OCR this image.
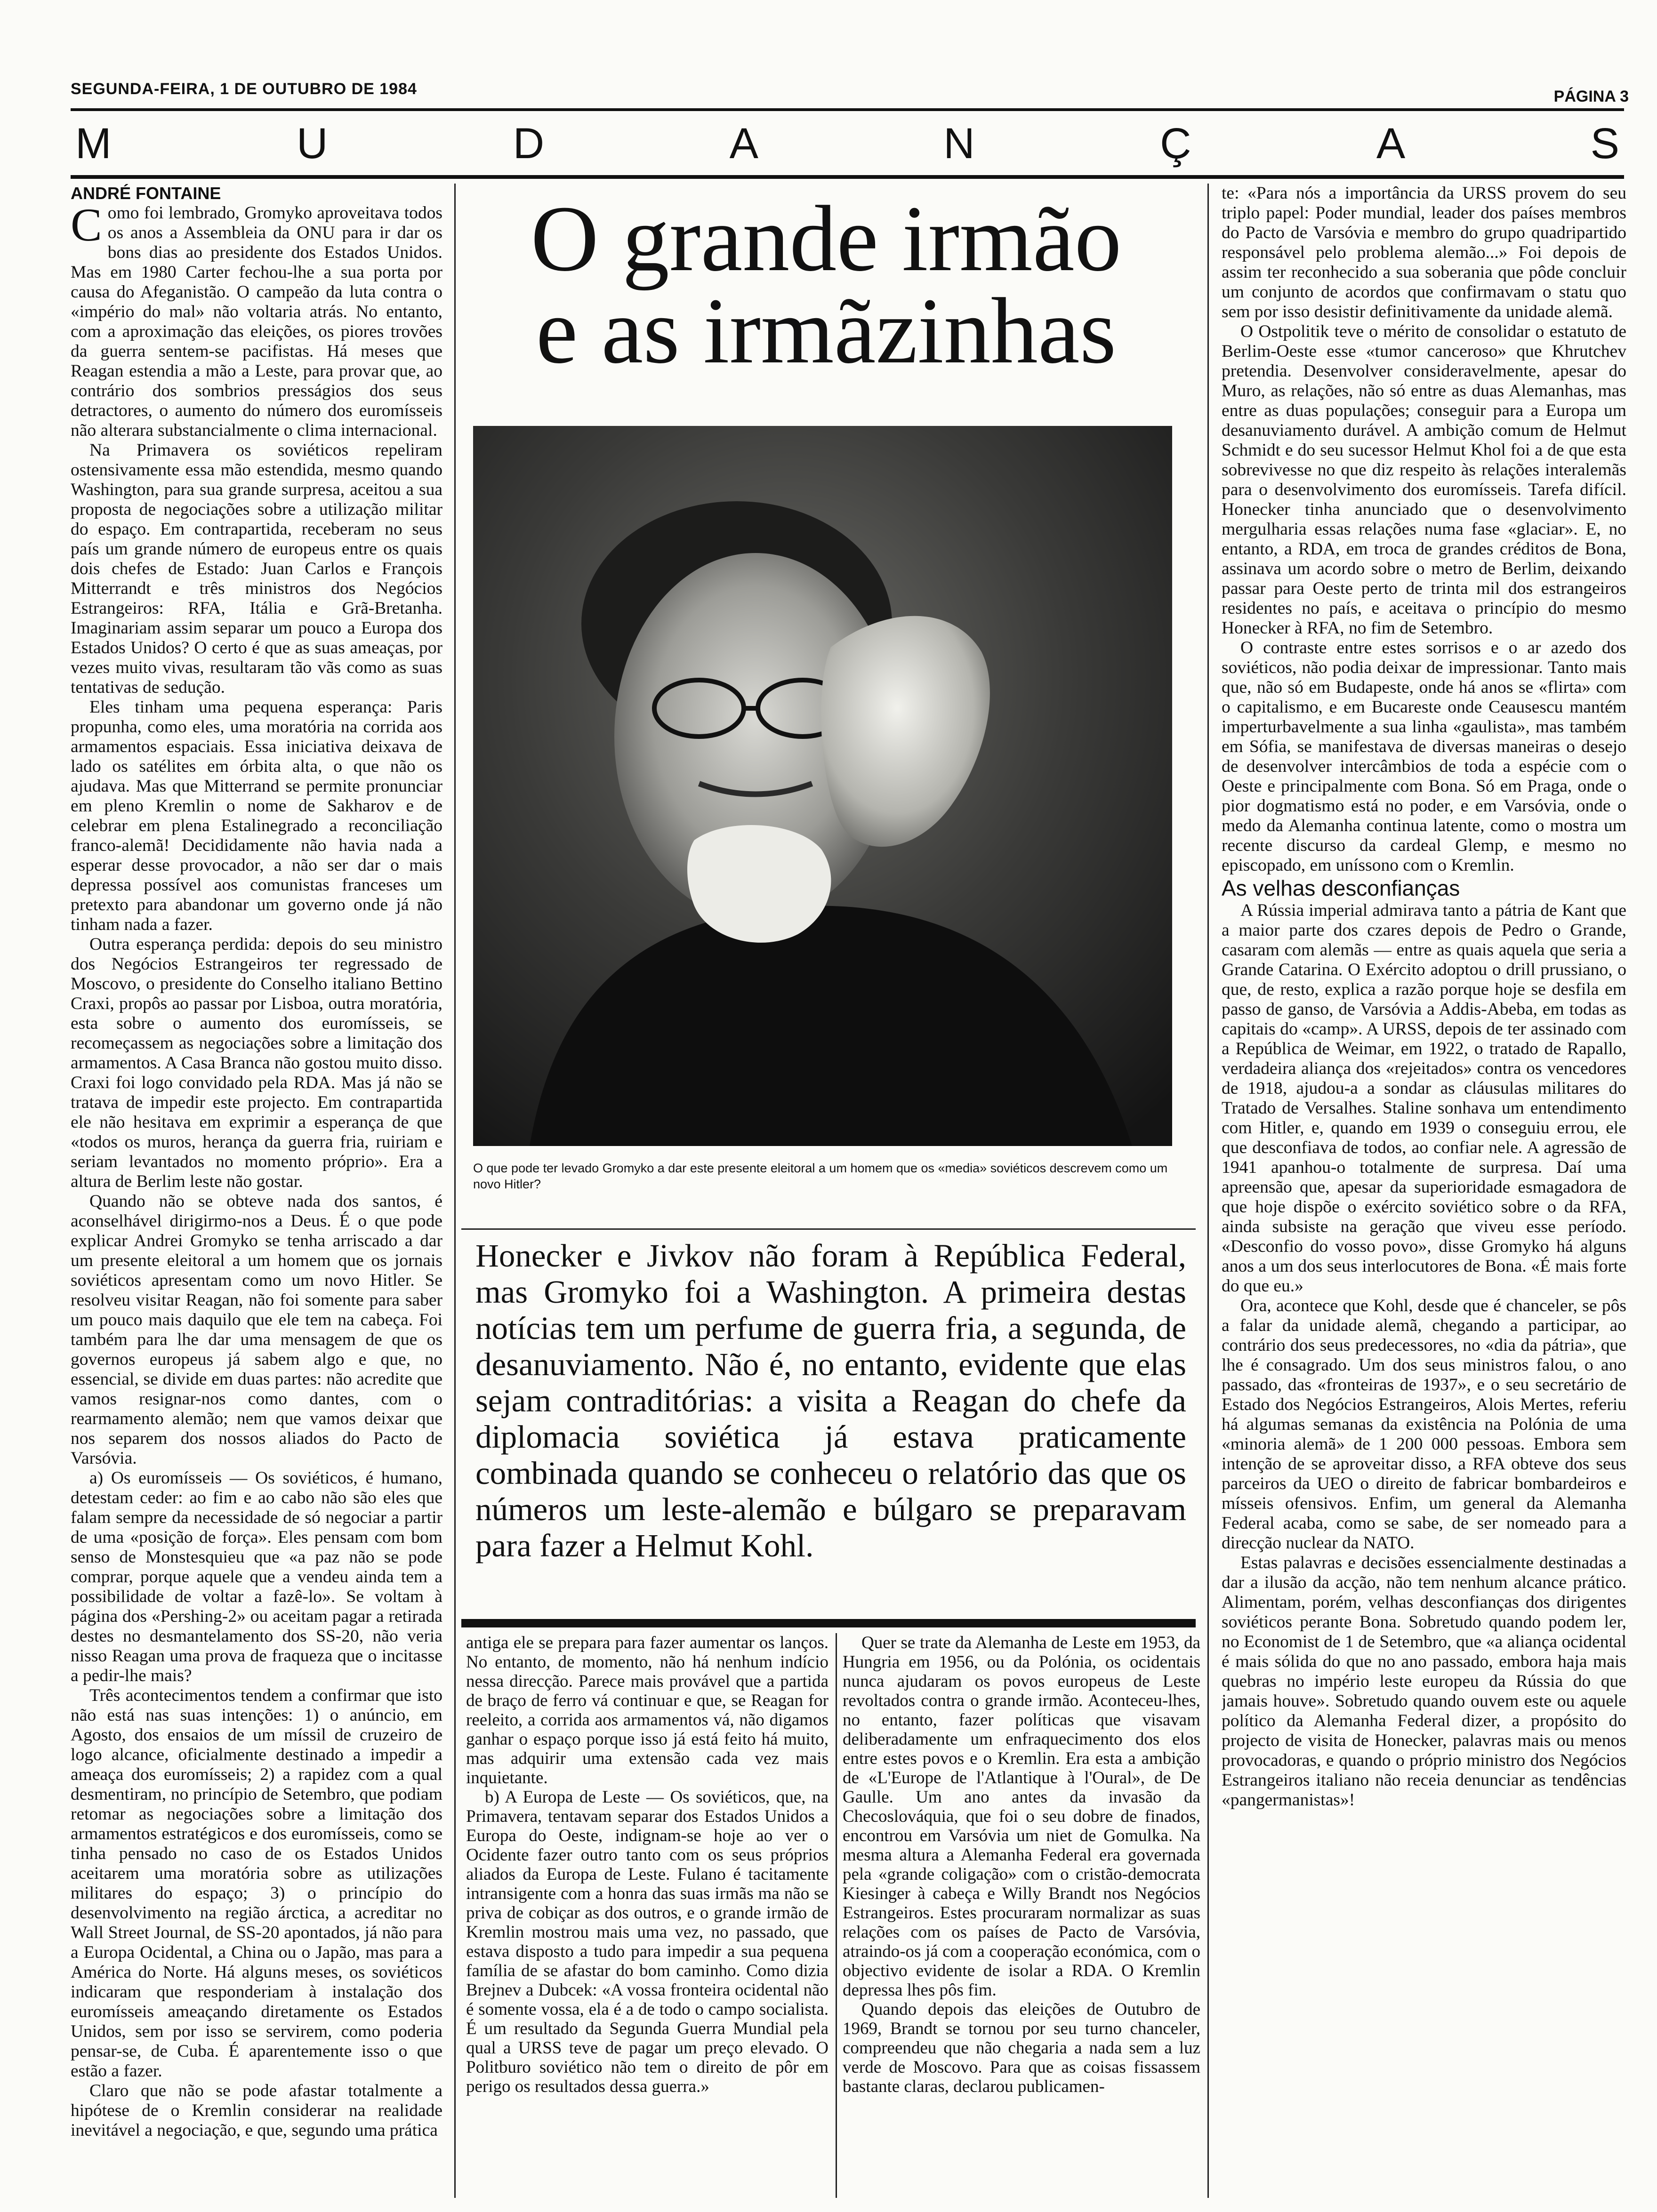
SEGUNDA-FEIRA, 1 DE OUTUBRO DE 1984	PÁGINA 3
M	U	D	A	N	Ç	A	S

ANDRÉ FONTAINE

Como foi lembrado, Gromyko aproveitava todos os anos a Assembleia da ONU para ir dar os bons dias ao presidente dos Estados Unidos. Mas em 1980 Carter fechou-lhe a sua porta por causa do Afeganistão. O campeão da luta contra o «império do mal» não voltaria atrás. No entanto, com a aproximação das eleições, os piores trovões da guerra sentem-se pacifistas. Há meses que Reagan estendia a mão a Leste, para provar que, ao contrário dos sombrios presságios dos seus detractores, o aumento do número dos euromísseis não alterara substancialmente o clima internacional.

Na Primavera os soviéticos repeliram ostensivamente essa mão estendida, mesmo quando Washington, para sua grande surpresa, aceitou a sua proposta de negociações sobre a utilização militar do espaço. Em contrapartida, receberam no seus país um grande número de europeus entre os quais dois chefes de Estado: Juan Carlos e François Mitterrandt e três ministros dos Negócios Estrangeiros: RFA, Itália e Grã-Bretanha. Imaginariam assim separar um pouco a Europa dos Estados Unidos? O certo é que as suas ameaças, por vezes muito vivas, resultaram tão vãs como as suas tentativas de sedução.

Eles tinham uma pequena esperança: Paris propunha, como eles, uma moratória na corrida aos armamentos espaciais. Essa iniciativa deixava de lado os satélites em órbita alta, o que não os ajudava. Mas que Mitterrand se permite pronunciar em pleno Kremlin o nome de Sakharov e de celebrar em plena Estalinegrado a reconciliação franco-alemã! Decididamente não havia nada a esperar desse provocador, a não ser dar o mais depressa possível aos comunistas franceses um pretexto para abandonar um governo onde já não tinham nada a fazer.

Outra esperança perdida: depois do seu ministro dos Negócios Estrangeiros ter regressado de Moscovo, o presidente do Conselho italiano Bettino Craxi, propôs ao passar por Lisboa, outra moratória, esta sobre o aumento dos euromísseis, se recomeçassem as negociações sobre a limitação dos armamentos. A Casa Branca não gostou muito disso. Craxi foi logo convidado pela RDA. Mas já não se tratava de impedir este projecto. Em contrapartida ele não hesitava em exprimir a esperança de que «todos os muros, herança da guerra fria, ruiriam e seriam levantados no momento próprio». Era a altura de Berlim leste não gostar.

Quando não se obteve nada dos santos, é aconselhável dirigirmo-nos a Deus. É o que pode explicar Andrei Gromyko se tenha arriscado a dar um presente eleitoral a um homem que os jornais soviéticos apresentam como um novo Hitler. Se resolveu visitar Reagan, não foi somente para saber um pouco mais daquilo que ele tem na cabeça. Foi também para lhe dar uma mensagem de que os governos europeus já sabem algo e que, no essencial, se divide em duas partes: não acredite que vamos resignar-nos como dantes, com o rearmamento alemão; nem que vamos deixar que nos separem dos nossos aliados do Pacto de Varsóvia.

a) Os euromísseis — Os soviéticos, é humano, detestam ceder: ao fim e ao cabo não são eles que falam sempre da necessidade de só negociar a partir de uma «posição de força». Eles pensam com bom senso de Monstesquieu que «a paz não se pode comprar, porque aquele que a vendeu ainda tem a possibilidade de voltar a fazê-lo». Se voltam à página dos «Pershing-2» ou aceitam pagar a retirada destes no desmantelamento dos SS-20, não veria nisso Reagan uma prova de fraqueza que o incitasse a pedir-lhe mais?

Três acontecimentos tendem a confirmar que isto não está nas suas intenções: 1) o anúncio, em Agosto, dos ensaios de um míssil de cruzeiro de logo alcance, oficialmente destinado a impedir a ameaça dos euromísseis; 2) a rapidez com a qual desmentiram, no princípio de Setembro, que podiam retomar as negociações sobre a limitação dos armamentos estratégicos e dos euromísseis, como se tinha pensado no caso de os Estados Unidos aceitarem uma moratória sobre as utilizações militares do espaço; 3) o princípio do desenvolvimento na região árctica, a acreditar no Wall Street Journal, de SS-20 apontados, já não para a Europa Ocidental, a China ou o Japão, mas para a América do Norte. Há alguns meses, os soviéticos indicaram que responderiam à instalação dos euromísseis ameaçando diretamente os Estados Unidos, sem por isso se servirem, como poderia pensar-se, de Cuba. É aparentemente isso o que estão a fazer.

Claro que não se pode afastar totalmente a hipótese de o Kremlin considerar na realidade inevitável a negociação, e que, segundo uma prática

O grande irmão
e as irmãzinhas
O que pode ter levado Gromyko a dar este presente eleitoral a um homem que os «media» soviéticos descrevem como um novo Hitler?
Honecker e Jivkov não foram à República Federal, mas Gromyko foi a Washington. A primeira destas notícias tem um perfume de guerra fria, a segunda, de desanuviamento. Não é, no entanto, evidente que elas sejam contraditórias: a visita a Reagan do chefe da diplomacia soviética já estava praticamente combinada quando se conheceu o relatório das que os números um leste-alemão e búlgaro se preparavam para fazer a Helmut Kohl.

antiga ele se prepara para fazer aumentar os lanços. No entanto, de momento, não há nenhum indício nessa direcção. Parece mais provável que a partida de braço de ferro vá continuar e que, se Reagan for reeleito, a corrida aos armamentos vá, não digamos ganhar o espaço porque isso já está feito há muito, mas adquirir uma extensão cada vez mais inquietante.

b) A Europa de Leste — Os soviéticos, que, na Primavera, tentavam separar dos Estados Unidos a Europa do Oeste, indignam-se hoje ao ver o Ocidente fazer outro tanto com os seus próprios aliados da Europa de Leste. Fulano é tacitamente intransigente com a honra das suas irmãs ma não se priva de cobiçar as dos outros, e o grande irmão de Kremlin mostrou mais uma vez, no passado, que estava disposto a tudo para impedir a sua pequena família de se afastar do bom caminho. Como dizia Brejnev a Dubcek: «A vossa fronteira ocidental não é somente vossa, ela é a de todo o campo socialista. É um resultado da Segunda Guerra Mundial pela qual a URSS teve de pagar um preço elevado. O Politburo soviético não tem o direito de pôr em perigo os resultados dessa guerra.»

Quer se trate da Alemanha de Leste em 1953, da Hungria em 1956, ou da Polónia, os ocidentais nunca ajudaram os povos europeus de Leste revoltados contra o grande irmão. Aconteceu-lhes, no entanto, fazer políticas que visavam deliberadamente um enfraquecimento dos elos entre estes povos e o Kremlin. Era esta a ambição de «L'Europe de l'Atlantique à l'Oural», de De Gaulle. Um ano antes da invasão da Checoslováquia, que foi o seu dobre de finados, encontrou em Varsóvia um niet de Gomulka. Na mesma altura a Alemanha Federal era governada pela «grande coligação» com o cristão-democrata Kiesinger à cabeça e Willy Brandt nos Negócios Estrangeiros. Estes procuraram normalizar as suas relações com os países de Pacto de Varsóvia, atraindo-os já com a cooperação económica, com o objectivo evidente de isolar a RDA. O Kremlin depressa lhes pôs fim.

Quando depois das eleições de Outubro de 1969, Brandt se tornou por seu turno chanceler, compreendeu que não chegaria a nada sem a luz verde de Moscovo. Para que as coisas fissassem bastante claras, declarou publicamen-

te: «Para nós a importância da URSS provem do seu triplo papel: Poder mundial, leader dos países membros do Pacto de Varsóvia e membro do grupo quadripartido responsável pelo problema alemão...» Foi depois de assim ter reconhecido a sua soberania que pôde concluir um conjunto de acordos que confirmavam o statu quo sem por isso desistir definitivamente da unidade alemã.

O Ostpolitik teve o mérito de consolidar o estatuto de Berlim-Oeste esse «tumor canceroso» que Khrutchev pretendia. Desenvolver consideravelmente, apesar do Muro, as relações, não só entre as duas Alemanhas, mas entre as duas populações; conseguir para a Europa um desanuviamento durável. A ambição comum de Helmut Schmidt e do seu sucessor Helmut Khol foi a de que esta sobrevivesse no que diz respeito às relações interalemãs para o desenvolvimento dos euromísseis. Tarefa difícil. Honecker tinha anunciado que o desenvolvimento mergulharia essas relações numa fase «glaciar». E, no entanto, a RDA, em troca de grandes créditos de Bona, assinava um acordo sobre o metro de Berlim, deixando passar para Oeste perto de trinta mil dos estrangeiros residentes no país, e aceitava o princípio do mesmo Honecker à RFA, no fim de Setembro.

O contraste entre estes sorrisos e o ar azedo dos soviéticos, não podia deixar de impressionar. Tanto mais que, não só em Budapeste, onde há anos se «flirta» com o capitalismo, e em Bucareste onde Ceausescu mantém imperturbavelmente a sua linha «gaulista», mas também em Sófia, se manifestava de diversas maneiras o desejo de desenvolver intercâmbios de toda a espécie com o Oeste e principalmente com Bona. Só em Praga, onde o pior dogmatismo está no poder, e em Varsóvia, onde o medo da Alemanha continua latente, como o mostra um recente discurso da cardeal Glemp, e mesmo no episcopado, em uníssono com o Kremlin.

As velhas desconfianças

A Rússia imperial admirava tanto a pátria de Kant que a maior parte dos czares depois de Pedro o Grande, casaram com alemãs — entre as quais aquela que seria a Grande Catarina. O Exército adoptou o drill prussiano, o que, de resto, explica a razão porque hoje se desfila em passo de ganso, de Varsóvia a Addis-Abeba, em todas as capitais do «camp». A URSS, depois de ter assinado com a República de Weimar, em 1922, o tratado de Rapallo, verdadeira aliança dos «rejeitados» contra os vencedores de 1918, ajudou-a a sondar as cláusulas militares do Tratado de Versalhes. Staline sonhava um entendimento com Hitler, e, quando em 1939 o conseguiu errou, ele que desconfiava de todos, ao confiar nele. A agressão de 1941 apanhou-o totalmente de surpresa. Daí uma apreensão que, apesar da superioridade esmagadora de que hoje dispõe o exército soviético sobre o da RFA, ainda subsiste na geração que viveu esse período. «Desconfio do vosso povo», disse Gromyko há alguns anos a um dos seus interlocutores de Bona. «É mais forte do que eu.»

Ora, acontece que Kohl, desde que é chanceler, se pôs a falar da unidade alemã, chegando a participar, ao contrário dos seus predecessores, no «dia da pátria», que lhe é consagrado. Um dos seus ministros falou, o ano passado, das «fronteiras de 1937», e o seu secretário de Estado dos Negócios Estrangeiros, Alois Mertes, referiu há algumas semanas da existência na Polónia de uma «minoria alemã» de 1 200 000 pessoas. Embora sem intenção de se aproveitar disso, a RFA obteve dos seus parceiros da UEO o direito de fabricar bombardeiros e mísseis ofensivos. Enfim, um general da Alemanha Federal acaba, como se sabe, de ser nomeado para a direcção nuclear da NATO.

Estas palavras e decisões essencialmente destinadas a dar a ilusão da acção, não tem nenhum alcance prático. Alimentam, porém, velhas desconfianças dos dirigentes soviéticos perante Bona. Sobretudo quando podem ler, no Economist de 1 de Setembro, que «a aliança ocidental é mais sólida do que no ano passado, embora haja mais quebras no império leste europeu da Rússia do que jamais houve». Sobretudo quando ouvem este ou aquele político da Alemanha Federal dizer, a propósito do projecto de visita de Honecker, palavras mais ou menos provocadoras, e quando o próprio ministro dos Negócios Estrangeiros italiano não receia denunciar as tendências «pangermanistas»!
